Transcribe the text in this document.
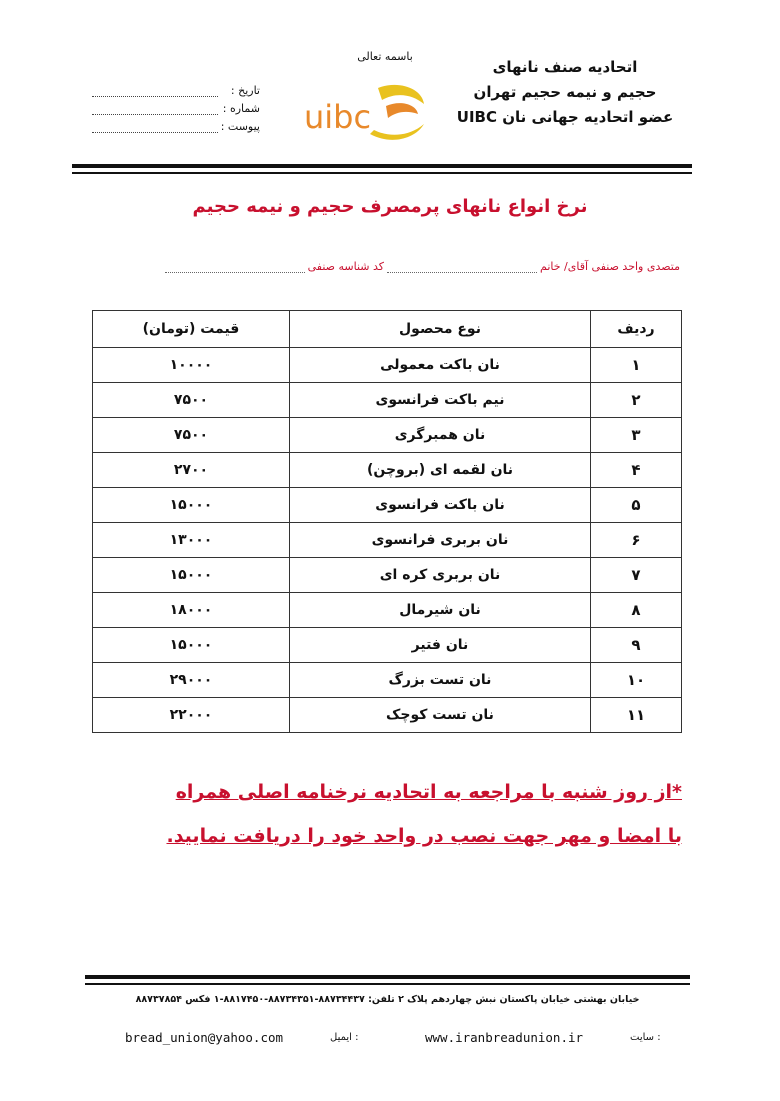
اتحادیه صنف نانهای
حجیم و نیمه حجیم تهران
عضو اتحادیه جهانی نان UIBC
باسمه تعالی
uibc
تاریخ :
شماره :
پیوست :
نرخ انواع نانهای پرمصرف حجیم و نیمه حجیم
متصدی واحد صنفی آقای/ خانم
کد شناسه صنفی
ردیف	نوع محصول	قیمت (تومان)
۱	نان باکت معمولی	۱۰۰۰۰
۲	نیم باکت فرانسوی	۷۵۰۰
۳	نان همبرگری	۷۵۰۰
۴	نان لقمه ای (بروچن)	۲۷۰۰
۵	نان باکت فرانسوی	۱۵۰۰۰
۶	نان بربری فرانسوی	۱۳۰۰۰
۷	نان بربری کره ای	۱۵۰۰۰
۸	نان شیرمال	۱۸۰۰۰
۹	نان فتیر	۱۵۰۰۰
۱۰	نان تست بزرگ	۲۹۰۰۰
۱۱	نان تست کوچک	۲۲۰۰۰
*از روز شنبه با مراجعه به اتحادیه نرخنامه اصلی همراه
با امضا و مهر جهت نصب در واحد خود را دریافت نمایید.
خیابان بهشتی خیابان پاکستان نبش چهاردهم پلاک ۲ تلفن: ۸۸۷۳۴۴۳۷-۸۸۷۳۴۳۵۱-۸۸۱۷۴۵۰-۱ فکس ۸۸۷۳۷۸۵۴
bread_union@yahoo.com	ایمیل :	www.iranbreadunion.ir	سایت :
